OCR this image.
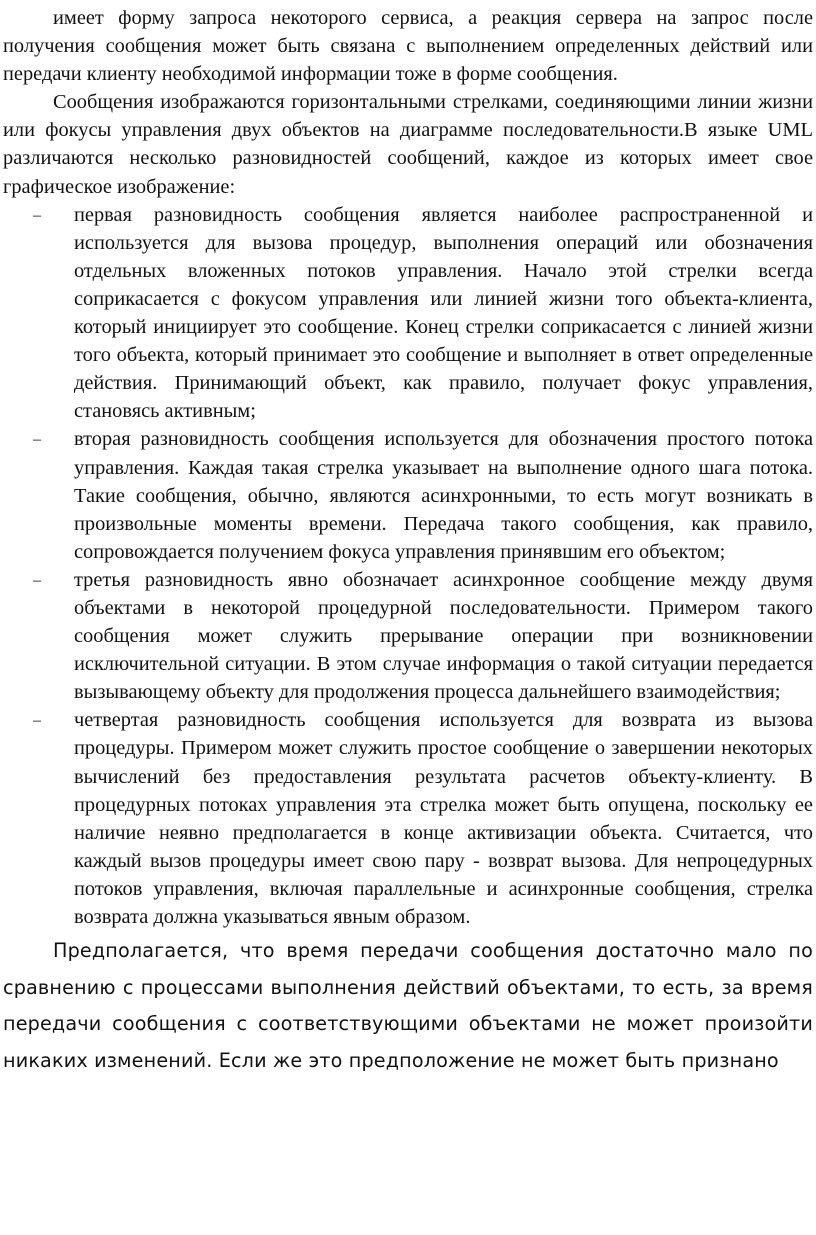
имеет форму запроса некоторого сервиса, а реакция сервера на запрос после получения сообщения может быть связана с выполнением определенных действий или передачи клиенту необходимой информации тоже в форме сообщения.

Сообщения изображаются горизонтальными стрелками, соединяющими линии жизни или фокусы управления двух объектов на диаграмме последовательности.В языке UML различаются несколько разновидностей сообщений, каждое из которых имеет свое графическое изображение:

– первая разновидность сообщения является наиболее распространенной и используется для вызова процедур, выполнения операций или обозначения отдельных вложенных потоков управления. Начало этой стрелки всегда соприкасается с фокусом управления или линией жизни того объекта-клиента, который инициирует это сообщение. Конец стрелки соприкасается с линией жизни того объекта, который принимает это сообщение и выполняет в ответ определенные действия. Принимающий объект, как правило, получает фокус управления, становясь активным;
– вторая разновидность сообщения используется для обозначения простого потока управления. Каждая такая стрелка указывает на выполнение одного шага потока. Такие сообщения, обычно, являются асинхронными, то есть могут возникать в произвольные моменты времени. Передача такого сообщения, как правило, сопровождается получением фокуса управления принявшим его объектом;
– третья разновидность явно обозначает асинхронное сообщение между двумя объектами в некоторой процедурной последовательности. Примером такого сообщения может служить прерывание операции при возникновении исключительной ситуации. В этом случае информация о такой ситуации передается вызывающему объекту для продолжения процесса дальнейшего взаимодействия;
– четвертая разновидность сообщения используется для возврата из вызова процедуры. Примером может служить простое сообщение о завершении некоторых вычислений без предоставления результата расчетов объекту-клиенту. В процедурных потоках управления эта стрелка может быть опущена, поскольку ее наличие неявно предполагается в конце активизации объекта. Считается, что каждый вызов процедуры имеет свою пару - возврат вызова. Для непроцедурных потоков управления, включая параллельные и асинхронные сообщения, стрелка возврата должна указываться явным образом.

Предполагается, что время передачи сообщения достаточно мало по сравнению с процессами выполнения действий объектами, то есть, за время передачи сообщения с соответствующими объектами не может произойти никаких изменений. Если же это предположение не может быть признано
